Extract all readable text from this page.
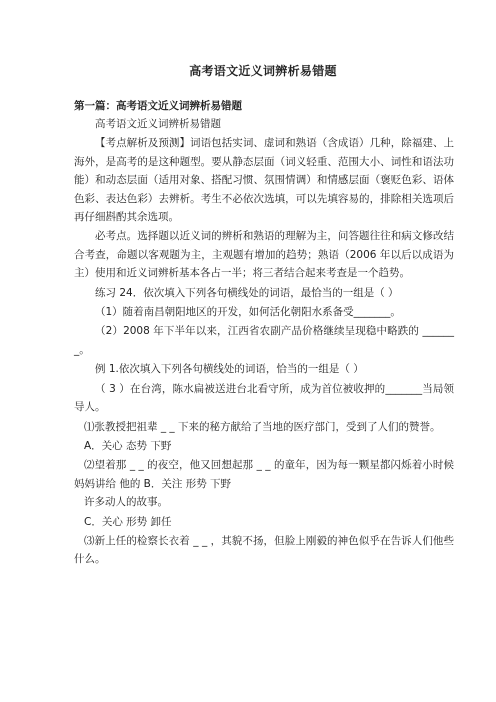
高考语文近义词辨析易错题
第一篇：高考语文近义词辨析易错题
高考语文近义词辨析易错题
【考点解析及预测】词语包括实词、虚词和熟语（含成语）几种，除福建、上海外，是高考的是这种题型。要从静态层面（词义轻重、范围大小、词性和语法功能）和动态层面（适用对象、搭配习惯、氛围情调）和情感层面（褒贬色彩、语体色彩、表达色彩）去辨析。考生不必依次选填，可以先填容易的，排除相关选项后再仔细斟酌其余选项。
必考点。选择题以近义词的辨析和熟语的理解为主，问答题往往和病文修改结合考查，命题以客观题为主，主观题有增加的趋势；熟语（2006 年以后以成语为主）使用和近义词辨析基本各占一半；将三者结合起来考查是一个趋势。
练习 24．依次填入下列各句横线处的词语，最恰当的一组是（ ）
（1）随着南昌朝阳地区的开发，如何活化朝阳水系备受_______。
（2）2008 年下半年以来，江西省农副产品价格继续呈现稳中略跌的 _______。
例 1.依次填入下列各句横线处的词语，恰当的一组是（ ）
（ 3 ）在台湾，陈水扁被送进台北看守所，成为首位被收押的_______当局领导人。
⑴张教授把祖辈 _ _ 下来的秘方献给了当地的医疗部门，受到了人们的赞誉。
A．关心 态势 下野
⑵望着那 _ _ 的夜空，他又回想起那 _ _ 的童年，因为每一颗星都闪烁着小时候妈妈讲给 他的 B．关注 形势 下野
许多动人的故事。
C．关心 形势 卸任
⑶新上任的检察长衣着 _ _ ，其貌不扬，但脸上刚毅的神色似乎在告诉人们他些什么。
